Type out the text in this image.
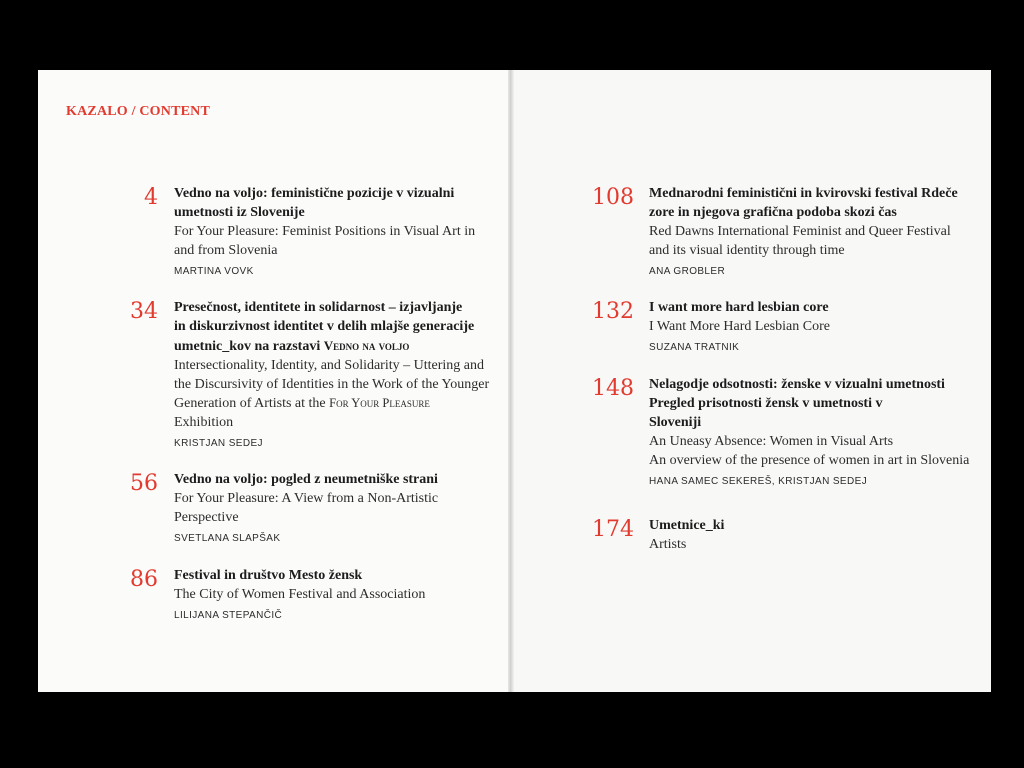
KAZALO / CONTENT
4 Vedno na voljo: feministične pozicije v vizualni
umetnosti iz Slovenije
For Your Pleasure: Feminist Positions in Visual Art in
and from Slovenia
MARTINA VOVK
34 Presečnost, identitete in solidarnost – izjavljanje
in diskurzivnost identitet v delih mlajše generacije
umetnic_kov na razstavi Vedno na voljo
Intersectionality, Identity, and Solidarity – Uttering and
the Discursivity of Identities in the Work of the Younger
Generation of Artists at the For Your Pleasure
Exhibition
KRISTJAN SEDEJ
56 Vedno na voljo: pogled z neumetniške strani
For Your Pleasure: A View from a Non-Artistic
Perspective
SVETLANA SLAPŠAK
86 Festival in društvo Mesto žensk
The City of Women Festival and Association
LILIJANA STEPANČIČ
108 Mednarodni feministični in kvirovski festival Rdeče
zore in njegova grafična podoba skozi čas
Red Dawns International Feminist and Queer Festival
and its visual identity through time
ANA GROBLER
132 I want more hard lesbian core
I Want More Hard Lesbian Core
SUZANA TRATNIK
148 Nelagodje odsotnosti: ženske v vizualni umetnosti
Pregled prisotnosti žensk v umetnosti v
Sloveniji
An Uneasy Absence: Women in Visual Arts
An overview of the presence of women in art in Slovenia
HANA SAMEC SEKEREŠ, KRISTJAN SEDEJ
174 Umetnice_ki
Artists
